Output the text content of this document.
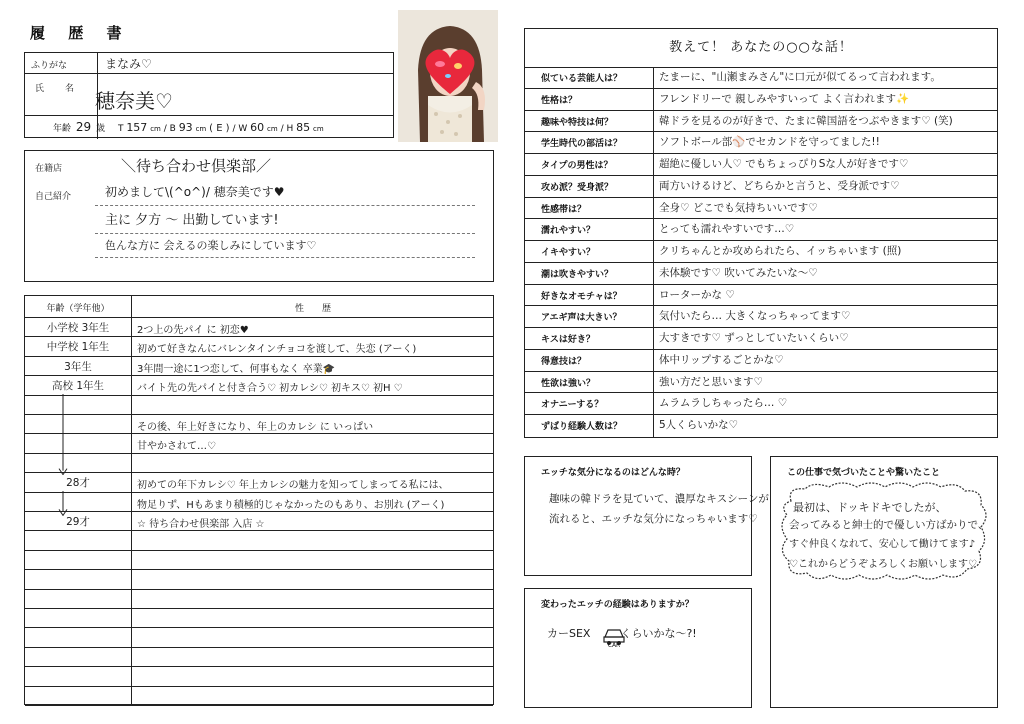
履 歴 書
ふりがな	まなみ♡
氏　名 穂奈美♡
年齢 29 歳 T 157 cm / B 93 cm ( E ) / W 60 cm / H 85 cm
在籍店	＼待ち合わせ倶楽部／
自己紹介	初めまして\(^o^)/ 穂奈美です♥
主に 夕方 ～ 出勤しています!
色んな方に 会えるの楽しみにしています♡
年齢（学年他）	性　　歴
小学校 3年生	2つ上の先パイ に 初恋♥
中学校 1年生	初めて好きなんにバレンタインチョコを渡して、失恋 (アーく)
3年生	3年間一途に1つ恋して、何事もなく 卒業🎓
高校 1年生	バイト先の先パイと付き合う♡ 初カレシ♡ 初キス♡ 初H ♡
その後、年上好きになり、年上のカレシ に いっぱい
甘やかされて…♡
28才	初めての年下カレシ♡ 年上カレシの魅力を知ってしまってる私には、
物足りず、Hもあまり積極的じゃなかったのもあり、お別れ (アーく)
29才	☆ 待ち合わせ倶楽部 入店 ☆
教えて！ あなたの○○な話！
似ている芸能人は？	たまーに、"山瀬まみさん"に口元が似てるって言われます。
性格は？	フレンドリーで 親しみやすいって よく言われます✨
趣味や特技は何？	韓ドラを見るのが好きで、たまに韓国語をつぶやきます♡ (笑)
学生時代の部活は？	ソフトボール部⚾でセカンドを守ってました!!
タイプの男性は？	超絶に優しい人♡ でもちょっぴりSな人が好きです♡
攻め派？受身派？	両方いけるけど、どちらかと言うと、受身派です♡
性感帯は？	全身♡ どこでも気持ちいいです♡
濡れやすい？	とっても濡れやすいです…♡
イキやすい？	クリちゃんとか攻められたら、イッちゃいます (照)
潮は吹きやすい？	未体験です♡ 吹いてみたいな～♡
好きなオモチャは？	ローターかな ♡
アエギ声は大きい？	気付いたら… 大きくなっちゃってます♡
キスは好き？	大すきです♡ ずっとしていたいくらい♡
得意技は？	体中リップするごとかな♡
性欲は強い？	強い方だと思います♡
オナニーする？	ムラムラしちゃったら… ♡
ずばり経験人数は？	5人くらいかな♡
エッチな気分になるのはどんな時？
趣味の韓ドラを見ていて、濃厚なキスシーンが
流れると、エッチな気分になっちゃいます♡
この仕事で気づいたことや驚いたこと
最初は、ドッキドキでしたが、
会ってみると紳士的で優しい方ばかりで、
すぐ仲良くなれて、安心して働けてます♪
♡これからどうぞよろしくお願いします♡
変わったエッチの経験はありますか？
カーSEX
CAR
くらいかな～?!
